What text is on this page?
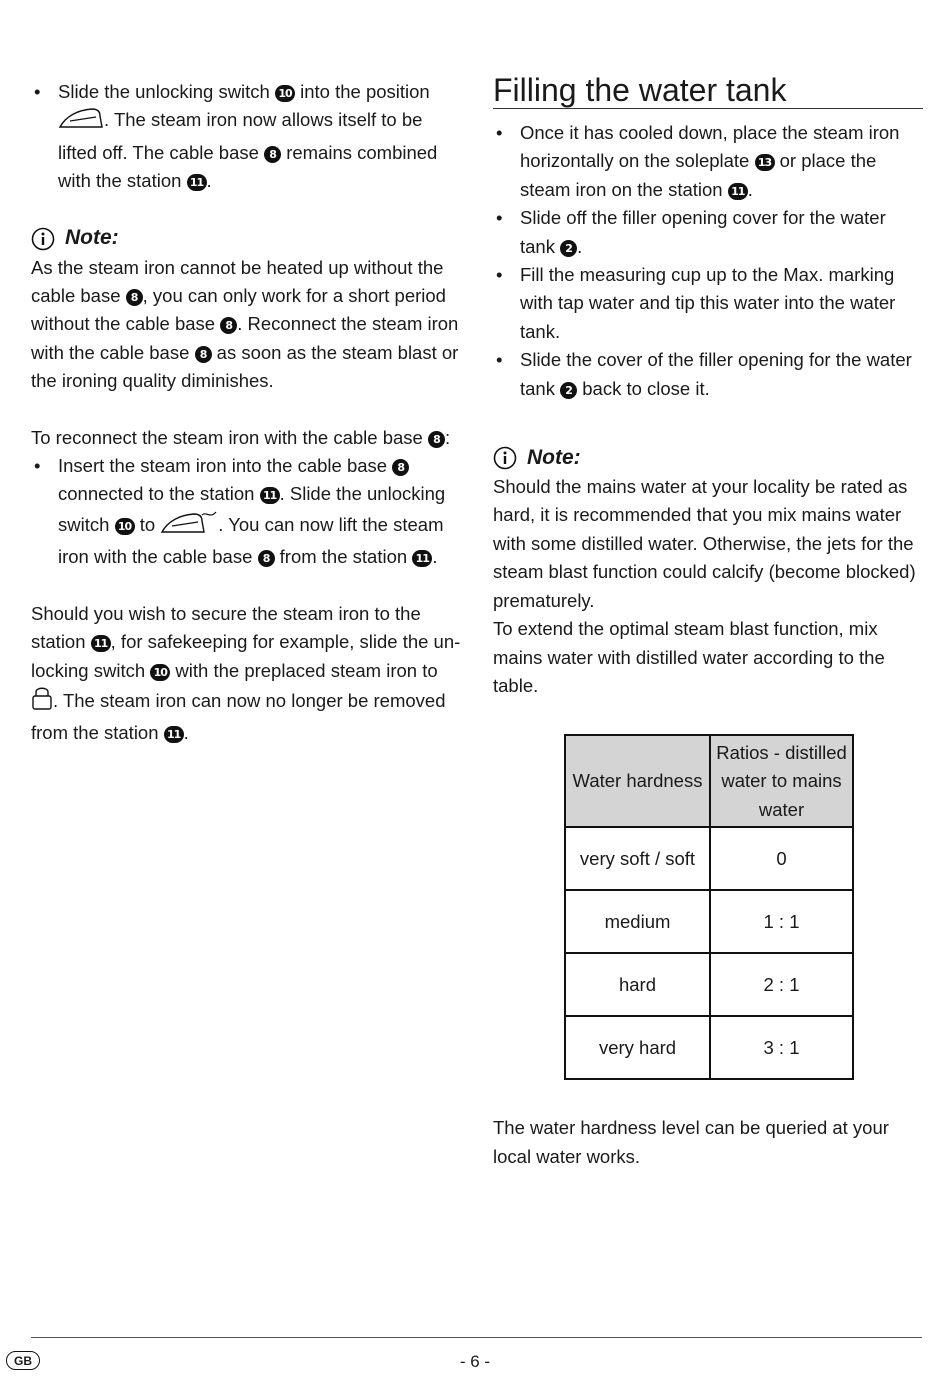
• Slide the unlocking switch 10 into the position . The steam iron now allows itself to be lifted off. The cable base 8 remains combined with the station 11 .
Note:

As the steam iron cannot be heated up without the cable base 8 , you can only work for a short period without the cable base 8 . Reconnect the steam iron with the cable base 8 as soon as the steam blast or the ironing quality diminishes.

To reconnect the steam iron with the cable base 8 :

• Insert the steam iron into the cable base 8 connected to the station 11 . Slide the unlocking switch 10 to	. You can now lift the steam iron with the cable base 8 from the station 11 .

Should you wish to secure the steam iron to the station 11 , for safekeeping for example, slide the un-locking switch 10 with the preplaced steam iron to . The steam iron can now no longer be removed from the station 11 .

Filling the water tank
• Once it has cooled down, place the steam iron horizontally on the soleplate 13 or place the steam iron on the station 11 .
• Slide off the filler opening cover for the water tank 2 .
• Fill the measuring cup up to the Max. marking with tap water and tip this water into the water tank.
• Slide the cover of the filler opening for the water tank 2 back to close it.
Note:

Should the mains water at your locality be rated as hard, it is recommended that you mix mains water with some distilled water. Otherwise, the jets for the steam blast function could calcify (become blocked) prematurely.

To extend the optimal steam blast function, mix mains water with distilled water according to the table.

Water hardness	Ratios - distilled water to mains water
very soft / soft	0
medium	1 : 1
hard	2 : 1
very hard	3 : 1

The water hardness level can be queried at your local water works.

GB	- 6 -
